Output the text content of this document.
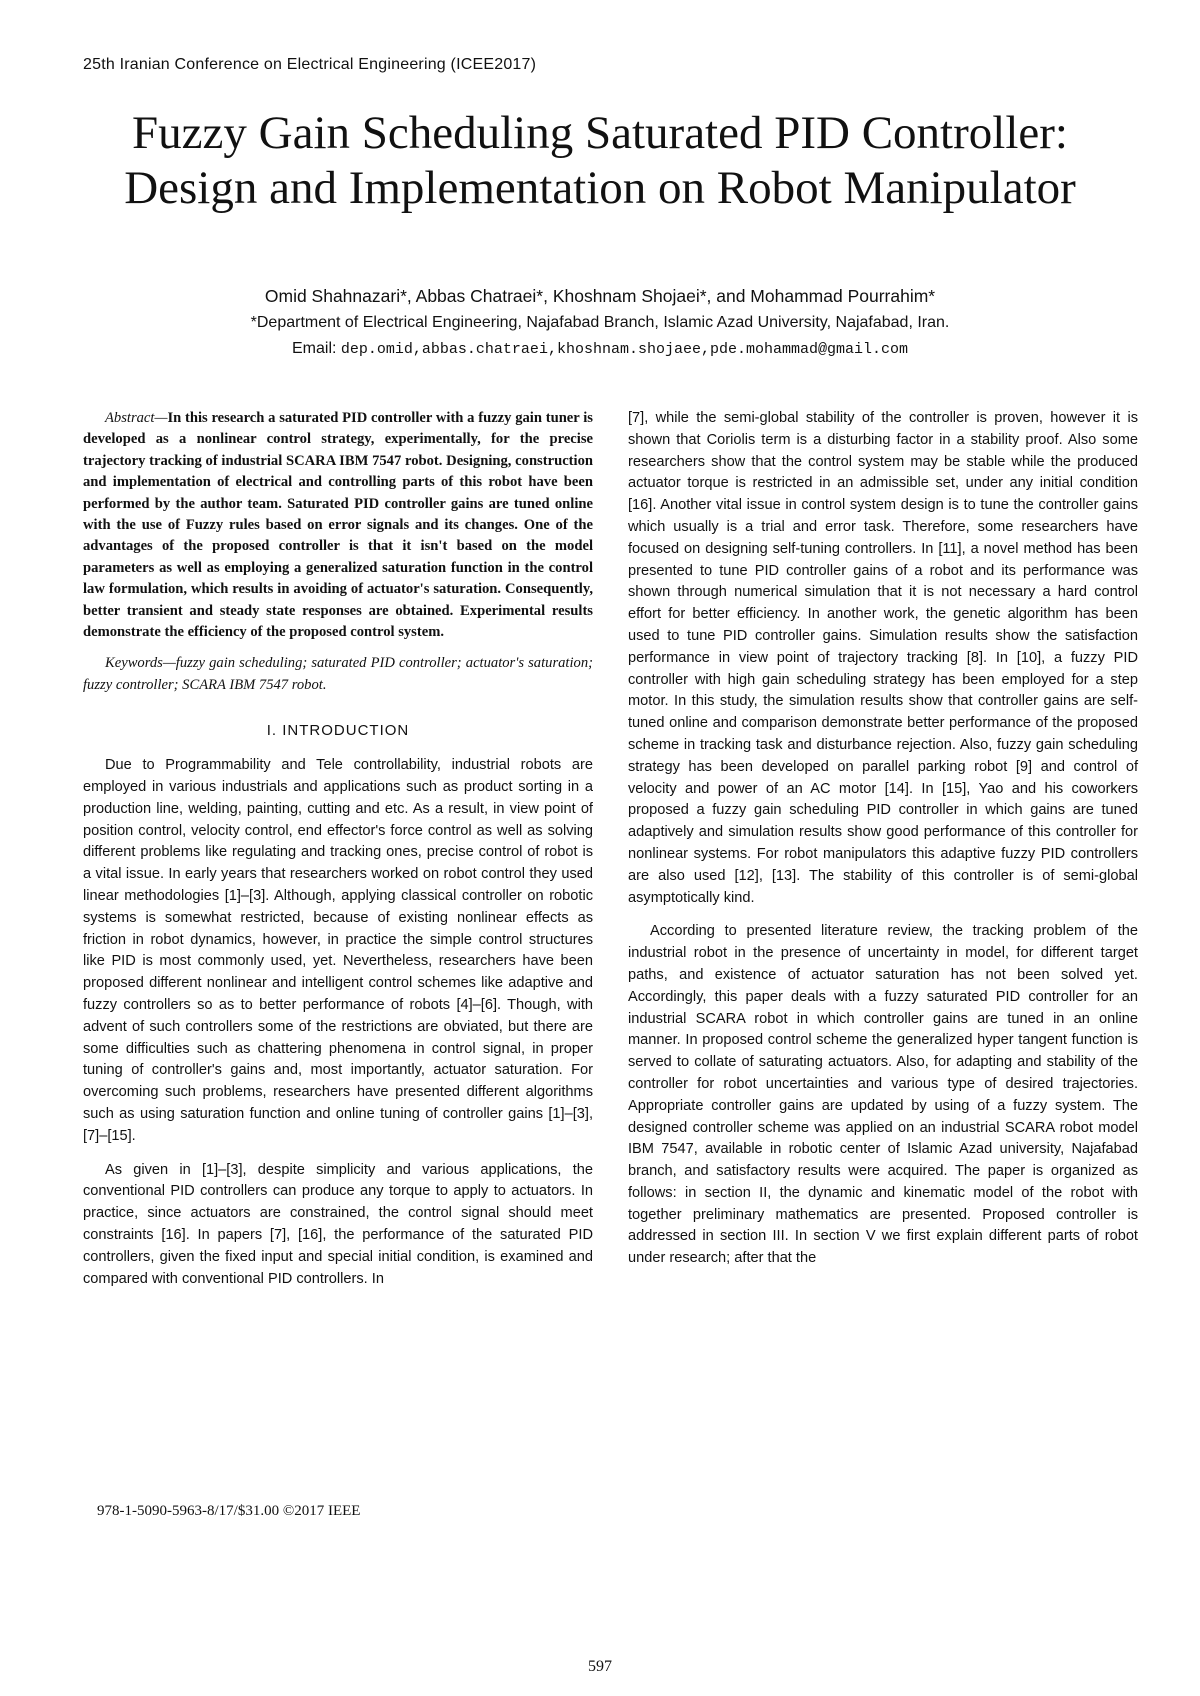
25th Iranian Conference on Electrical Engineering (ICEE2017)
Fuzzy Gain Scheduling Saturated PID Controller:
Design and Implementation on Robot Manipulator
Omid Shahnazari*, Abbas Chatraei*, Khoshnam Shojaei*, and Mohammad Pourrahim*
*Department of Electrical Engineering, Najafabad Branch, Islamic Azad University, Najafabad, Iran.
Email: dep.omid,abbas.chatraei,khoshnam.shojaee,pde.mohammad@gmail.com

Abstract—In this research a saturated PID controller with a fuzzy gain tuner is developed as a nonlinear control strategy, experimentally, for the precise trajectory tracking of industrial SCARA IBM 7547 robot. Designing, construction and implementation of electrical and controlling parts of this robot have been performed by the author team. Saturated PID controller gains are tuned online with the use of Fuzzy rules based on error signals and its changes. One of the advantages of the proposed controller is that it isn't based on the model parameters as well as employing a generalized saturation function in the control law formulation, which results in avoiding of actuator's saturation. Consequently, better transient and steady state responses are obtained. Experimental results demonstrate the efficiency of the proposed control system.

Keywords—fuzzy gain scheduling; saturated PID controller; actuator's saturation; fuzzy controller; SCARA IBM 7547 robot.

I. INTRODUCTION

Due to Programmability and Tele controllability, industrial robots are employed in various industrials and applications such as product sorting in a production line, welding, painting, cutting and etc. As a result, in view point of position control, velocity control, end effector's force control as well as solving different problems like regulating and tracking ones, precise control of robot is a vital issue. In early years that researchers worked on robot control they used linear methodologies [1]–[3]. Although, applying classical controller on robotic systems is somewhat restricted, because of existing nonlinear effects as friction in robot dynamics, however, in practice the simple control structures like PID is most commonly used, yet. Nevertheless, researchers have been proposed different nonlinear and intelligent control schemes like adaptive and fuzzy controllers so as to better performance of robots [4]–[6]. Though, with advent of such controllers some of the restrictions are obviated, but there are some difficulties such as chattering phenomena in control signal, in proper tuning of controller's gains and, most importantly, actuator saturation. For overcoming such problems, researchers have presented different algorithms such as using saturation function and online tuning of controller gains [1]–[3], [7]–[15].

As given in [1]–[3], despite simplicity and various applications, the conventional PID controllers can produce any torque to apply to actuators. In practice, since actuators are constrained, the control signal should meet constraints [16]. In papers [7], [16], the performance of the saturated PID controllers, given the fixed input and special initial condition, is examined and compared with conventional PID controllers. In

[7], while the semi-global stability of the controller is proven, however it is shown that Coriolis term is a disturbing factor in a stability proof. Also some researchers show that the control system may be stable while the produced actuator torque is restricted in an admissible set, under any initial condition [16]. Another vital issue in control system design is to tune the controller gains which usually is a trial and error task. Therefore, some researchers have focused on designing self-tuning controllers. In [11], a novel method has been presented to tune PID controller gains of a robot and its performance was shown through numerical simulation that it is not necessary a hard control effort for better efficiency. In another work, the genetic algorithm has been used to tune PID controller gains. Simulation results show the satisfaction performance in view point of trajectory tracking [8]. In [10], a fuzzy PID controller with high gain scheduling strategy has been employed for a step motor. In this study, the simulation results show that controller gains are self-tuned online and comparison demonstrate better performance of the proposed scheme in tracking task and disturbance rejection. Also, fuzzy gain scheduling strategy has been developed on parallel parking robot [9] and control of velocity and power of an AC motor [14]. In [15], Yao and his coworkers proposed a fuzzy gain scheduling PID controller in which gains are tuned adaptively and simulation results show good performance of this controller for nonlinear systems. For robot manipulators this adaptive fuzzy PID controllers are also used [12], [13]. The stability of this controller is of semi-global asymptotically kind.

According to presented literature review, the tracking problem of the industrial robot in the presence of uncertainty in model, for different target paths, and existence of actuator saturation has not been solved yet. Accordingly, this paper deals with a fuzzy saturated PID controller for an industrial SCARA robot in which controller gains are tuned in an online manner. In proposed control scheme the generalized hyper tangent function is served to collate of saturating actuators. Also, for adapting and stability of the controller for robot uncertainties and various type of desired trajectories. Appropriate controller gains are updated by using of a fuzzy system. The designed controller scheme was applied on an industrial SCARA robot model IBM 7547, available in robotic center of Islamic Azad university, Najafabad branch, and satisfactory results were acquired. The paper is organized as follows: in section II, the dynamic and kinematic model of the robot with together preliminary mathematics are presented. Proposed controller is addressed in section III. In section V we first explain different parts of robot under research; after that the

978-1-5090-5963-8/17/$31.00 ©2017 IEEE
597
